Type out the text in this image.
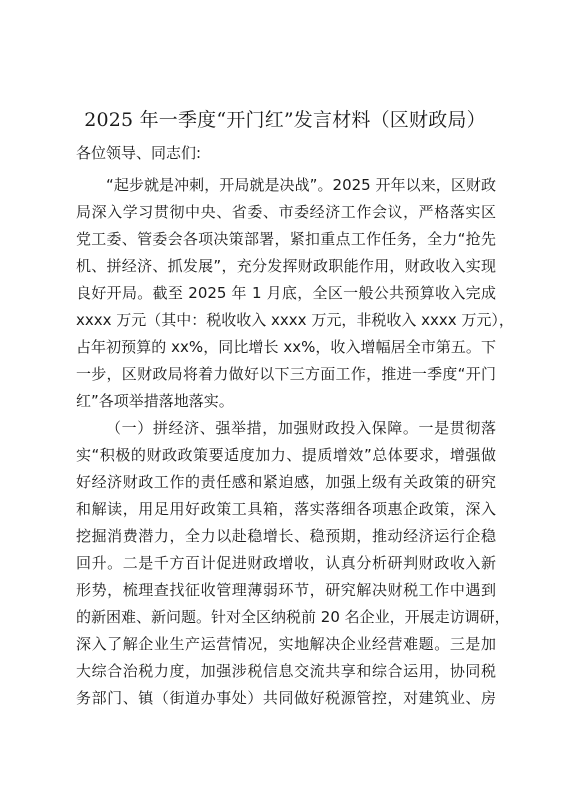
2025 年一季度“开门红”发言材料（区财政局）
各位领导、同志们:
“起步就是冲刺，开局就是决战”。2025 开年以来，区财政
局深入学习贯彻中央、省委、市委经济工作会议，严格落实区
党工委、管委会各项决策部署，紧扣重点工作任务，全力“抢先
机、拼经济、抓发展”，充分发挥财政职能作用，财政收入实现
良好开局。截至 2025 年 1 月底，全区一般公共预算收入完成
xxxx 万元（其中：税收收入 xxxx 万元，非税收入 xxxx 万元），
占年初预算的 xx%，同比增长 xx%，收入增幅居全市第五。下
一步，区财政局将着力做好以下三方面工作，推进一季度“开门
红”各项举措落地落实。
（一）拼经济、强举措，加强财政投入保障。一是贯彻落
实“积极的财政政策要适度加力、提质增效”总体要求，增强做
好经济财政工作的责任感和紧迫感，加强上级有关政策的研究
和解读，用足用好政策工具箱，落实落细各项惠企政策，深入
挖掘消费潜力，全力以赴稳增长、稳预期，推动经济运行企稳
回升。二是千方百计促进财政增收，认真分析研判财政收入新
形势，梳理查找征收管理薄弱环节，研究解决财税工作中遇到
的新困难、新问题。针对全区纳税前 20 名企业，开展走访调研，
深入了解企业生产运营情况，实地解决企业经营难题。三是加
大综合治税力度，加强涉税信息交流共享和综合运用，协同税
务部门、镇（街道办事处）共同做好税源管控，对建筑业、房
